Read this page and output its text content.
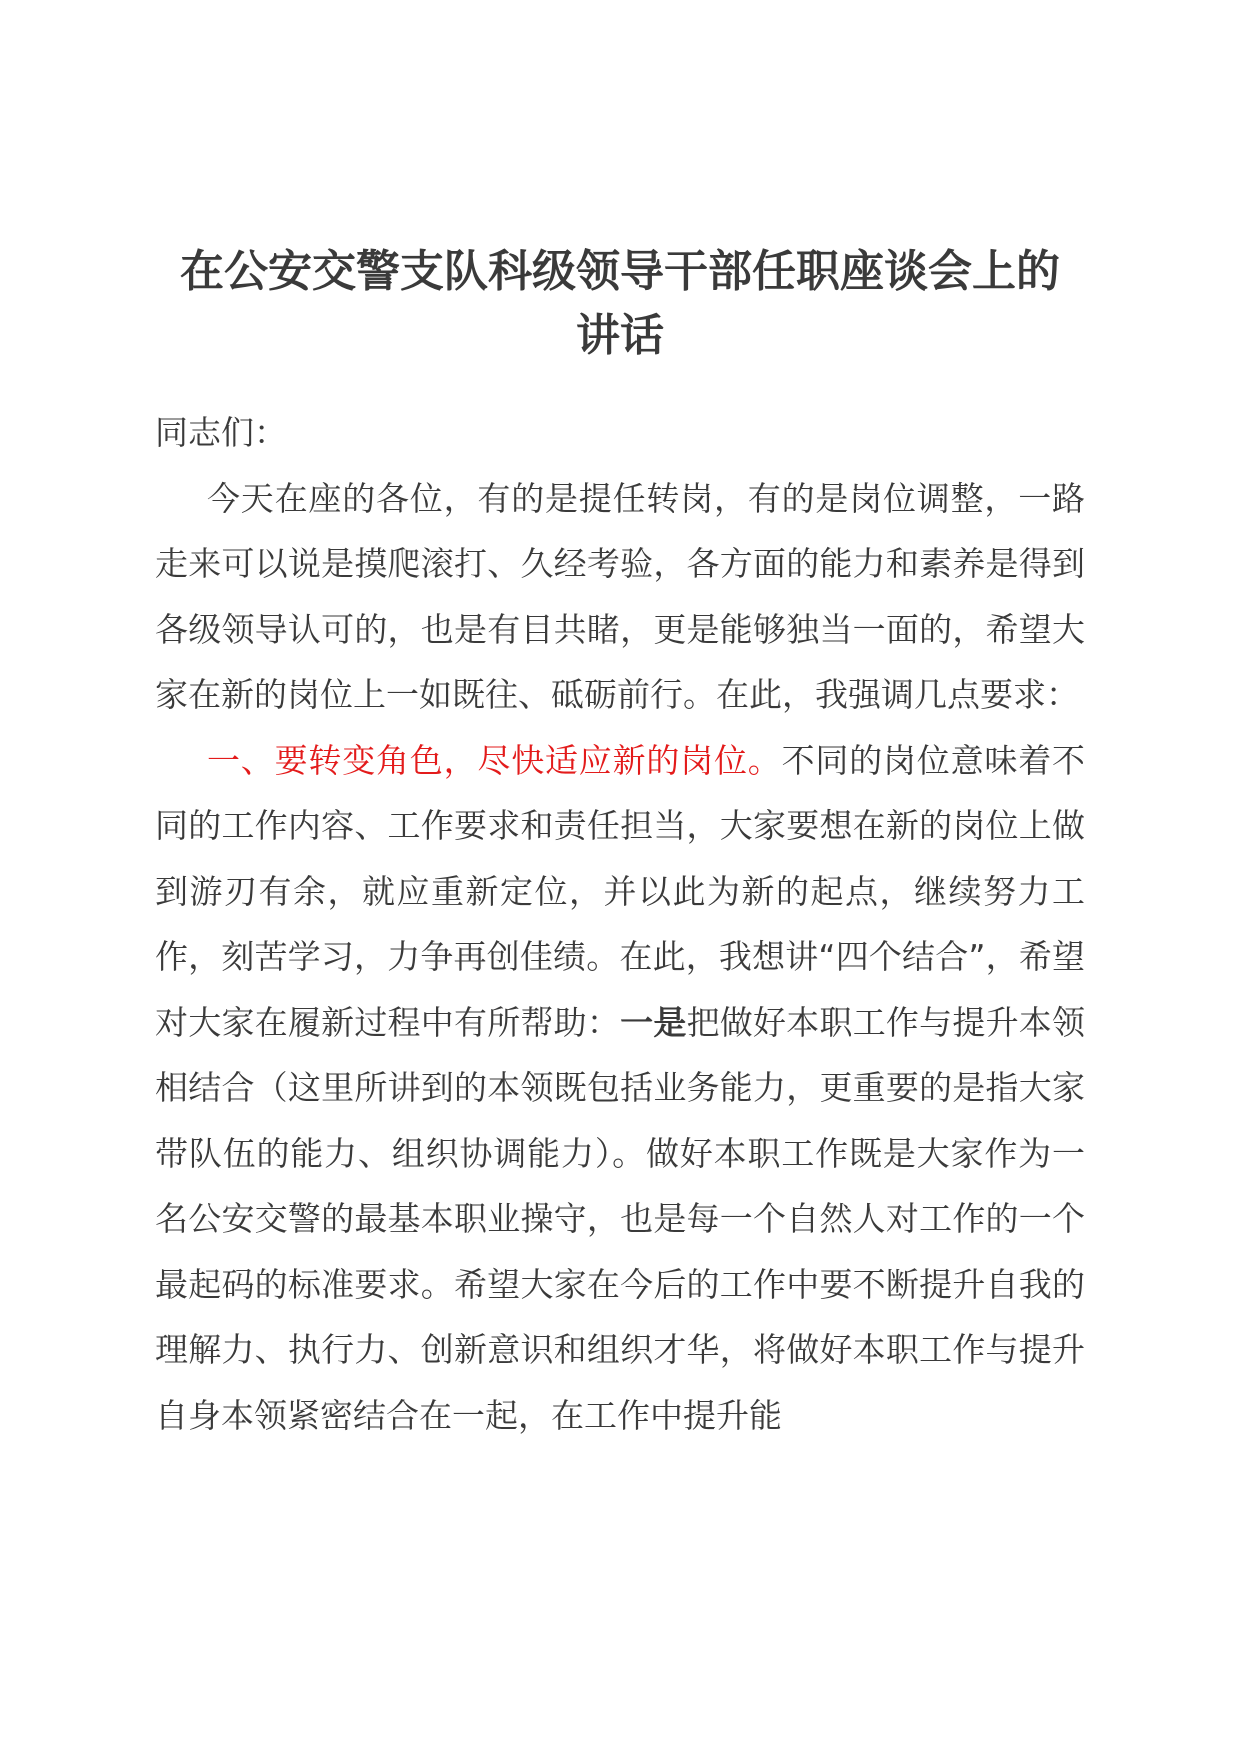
在公安交警支队科级领导干部任职座谈会上的
讲话

同志们：

今天在座的各位，有的是提任转岗，有的是岗位调整，一路走来可以说是摸爬滚打、久经考验，各方面的能力和素养是得到各级领导认可的，也是有目共睹，更是能够独当一面的，希望大家在新的岗位上一如既往、砥砺前行。在此，我强调几点要求：

一、要转变角色，尽快适应新的岗位。不同的岗位意味着不同的工作内容、工作要求和责任担当，大家要想在新的岗位上做到游刃有余，就应重新定位，并以此为新的起点，继续努力工作，刻苦学习，力争再创佳绩。在此，我想讲“四个结合”，希望对大家在履新过程中有所帮助：一是把做好本职工作与提升本领相结合（这里所讲到的本领既包括业务能力，更重要的是指大家带队伍的能力、组织协调能力）。做好本职工作既是大家作为一名公安交警的最基本职业操守，也是每一个自然人对工作的一个最起码的标准要求。希望大家在今后的工作中要不断提升自我的理解力、执行力、创新意识和组织才华，将做好本职工作与提升自身本领紧密结合在一起，在工作中提升能
